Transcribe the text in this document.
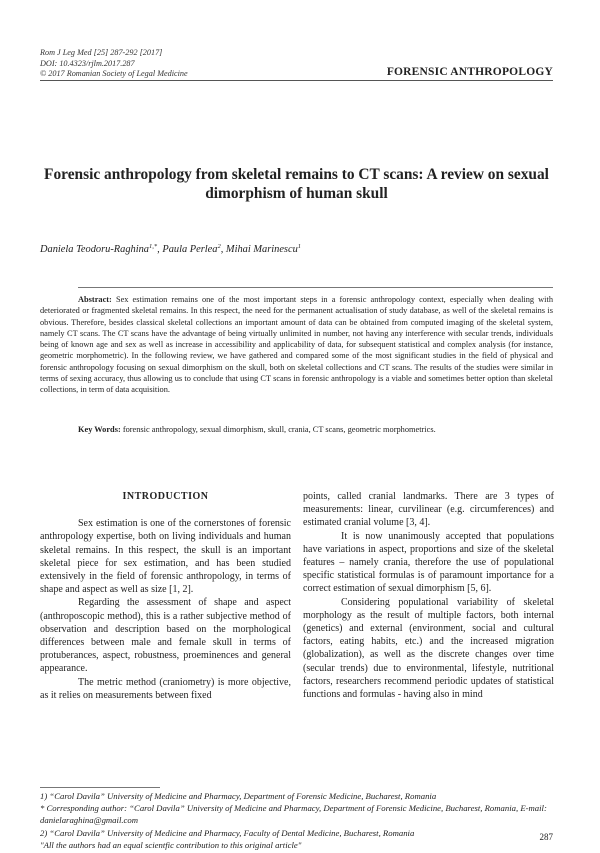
Rom J Leg Med [25] 287-292 [2017]
DOI: 10.4323/rjlm.2017.287
© 2017 Romanian Society of Legal Medicine	FORENSIC ANTHROPOLOGY
Forensic anthropology from skeletal remains to CT scans: A review on sexual
dimorphism of human skull
Daniela Teodoru-Raghina$^{1,*}$, Paula Perlea$^2$, Mihai Marinescu$^1$
Abstract: Sex estimation remains one of the most important steps in a forensic anthropology context, especially when dealing with deteriorated or fragmented skeletal remains. In this respect, the need for the permanent actualisation of study database, as well of the skeletal remains is obvious. Therefore, besides classical skeletal collections an important amount of data can be obtained from computed imaging of the skeletal system, namely CT scans. The CT scans have the advantage of being virtually unlimited in number, not having any interference with secular trends, individuals being of known age and sex as well as increase in accessibility and applicability of data, for subsequent statistical and complex analysis (for instance, geometric morphometric). In the following review, we have gathered and compared some of the most significant studies in the field of physical and forensic anthropology focusing on sexual dimorphism on the skull, both on skeletal collections and CT scans. The results of the studies were similar in terms of sexing accuracy, thus allowing us to conclude that using CT scans in forensic anthropology is a viable and sometimes better option than skeletal collections, in term of data acquisition.
Key Words: forensic anthropology, sexual dimorphism, skull, crania, CT scans, geometric morphometrics.

INTRODUCTION

Sex estimation is one of the cornerstones of forensic anthropology expertise, both on living individuals and human skeletal remains. In this respect, the skull is an important skeletal piece for sex estimation, and has been studied extensively in the field of forensic anthropology, in terms of shape and aspect as well as size [1, 2].

Regarding the assessment of shape and aspect (anthroposcopic method), this is a rather subjective method of observation and description based on the morphological differences between male and female skull in terms of protuberances, aspect, robustness, proeminences and general appearance.

The metric method (craniometry) is more objective, as it relies on measurements between fixed

points, called cranial landmarks. There are 3 types of measurements: linear, curvilinear (e.g. circumferences) and estimated cranial volume [3, 4].

It is now unanimously accepted that populations have variations in aspect, proportions and size of the skeletal features – namely crania, therefore the use of populational specific statistical formulas is of paramount importance for a correct estimation of sexual dimorphism [5, 6].

Considering populational variability of skeletal morphology as the result of multiple factors, both internal (genetics) and external (environment, social and cultural factors, eating habits, etc.) and the increased migration (globalization), as well as the discrete changes over time (secular trends) due to environmental, lifestyle, nutritional factors, researchers recommend periodic updates of statistical functions and formulas - having also in mind

1) “Carol Davila” University of Medicine and Pharmacy, Department of Forensic Medicine, Bucharest, Romania
* Corresponding author: “Carol Davila” University of Medicine and Pharmacy, Department of Forensic Medicine, Bucharest, Romania, E-mail: danielaraghina@gmail.com
2) “Carol Davila” University of Medicine and Pharmacy, Faculty of Dental Medicine, Bucharest, Romania
"All the authors had an equal scientfic contribution to this original article"
287
